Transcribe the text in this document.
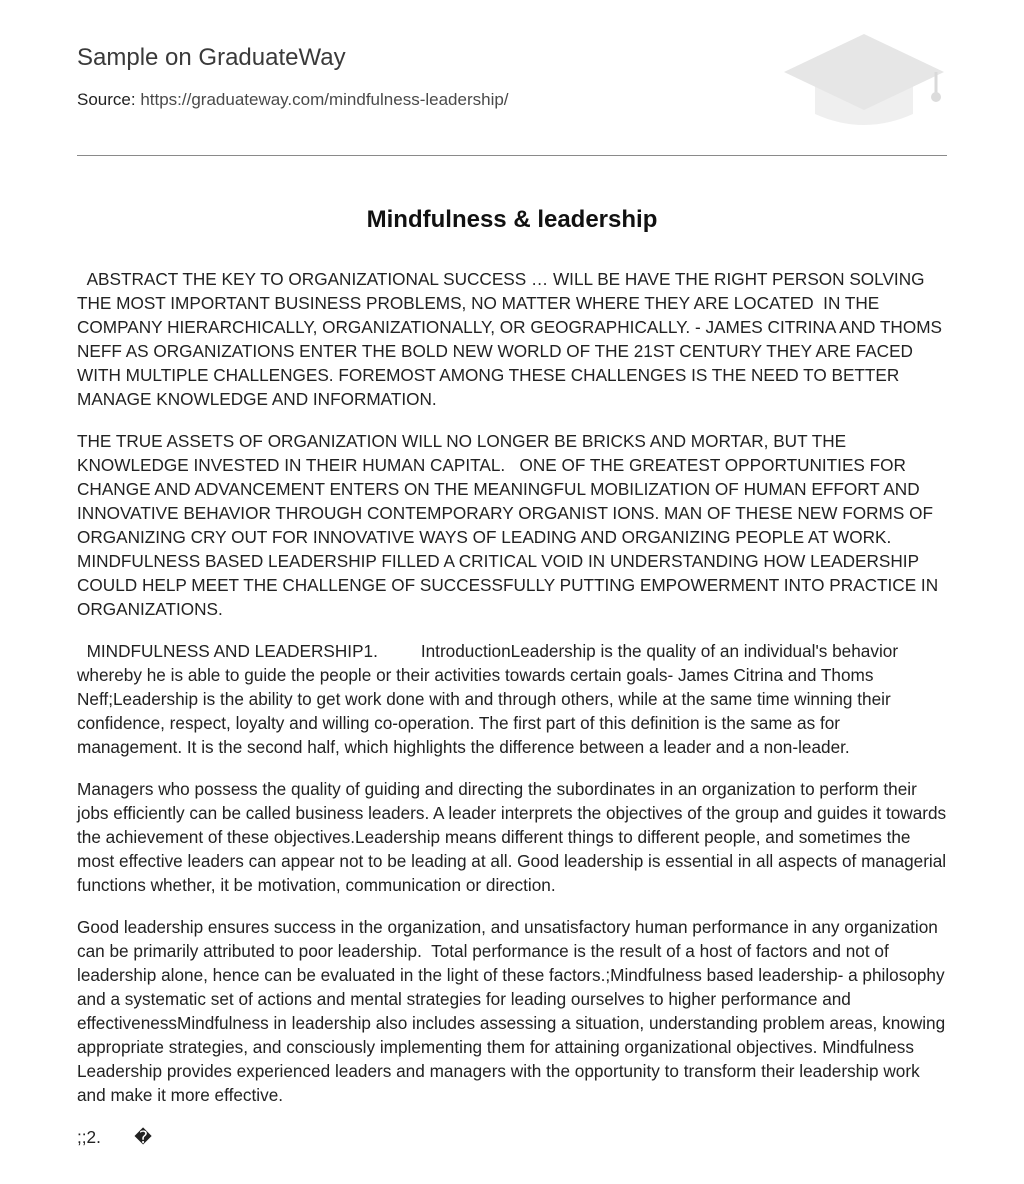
Sample on GraduateWay
Source: https://graduateway.com/mindfulness-leadership/
Mindfulness & leadership

ABSTRACT THE KEY TO ORGANIZATIONAL SUCCESS … WILL BE HAVE THE RIGHT PERSON SOLVING THE MOST IMPORTANT BUSINESS PROBLEMS, NO MATTER WHERE THEY ARE LOCATED  IN THE COMPANY HIERARCHICALLY, ORGANIZATIONALLY, OR GEOGRAPHICALLY. - JAMES CITRINA AND THOMS NEFF AS ORGANIZATIONS ENTER THE BOLD NEW WORLD OF THE 21ST CENTURY THEY ARE FACED WITH MULTIPLE CHALLENGES. FOREMOST AMONG THESE CHALLENGES IS THE NEED TO BETTER MANAGE KNOWLEDGE AND INFORMATION.

THE TRUE ASSETS OF ORGANIZATION WILL NO LONGER BE BRICKS AND MORTAR, BUT THE KNOWLEDGE INVESTED IN THEIR HUMAN CAPITAL.   ONE OF THE GREATEST OPPORTUNITIES FOR CHANGE AND ADVANCEMENT ENTERS ON THE MEANINGFUL MOBILIZATION OF HUMAN EFFORT AND INNOVATIVE BEHAVIOR THROUGH CONTEMPORARY ORGANIST IONS. MAN OF THESE NEW FORMS OF ORGANIZING CRY OUT FOR INNOVATIVE WAYS OF LEADING AND ORGANIZING PEOPLE AT WORK.   MINDFULNESS BASED LEADERSHIP FILLED A CRITICAL VOID IN UNDERSTANDING HOW LEADERSHIP COULD HELP MEET THE CHALLENGE OF SUCCESSFULLY PUTTING EMPOWERMENT INTO PRACTICE IN ORGANIZATIONS.

MINDFULNESS AND LEADERSHIP1.         IntroductionLeadership is the quality of an individual's behavior whereby he is able to guide the people or their activities towards certain goals- James Citrina and Thoms Neff;Leadership is the ability to get work done with and through others, while at the same time winning their confidence, respect, loyalty and willing co-operation. The first part of this definition is the same as for management. It is the second half, which highlights the difference between a leader and a non-leader.

Managers who possess the quality of guiding and directing the subordinates in an organization to perform their jobs efficiently can be called business leaders. A leader interprets the objectives of the group and guides it towards the achievement of these objectives.Leadership means different things to different people, and sometimes the most effective leaders can appear not to be leading at all. Good leadership is essential in all aspects of managerial functions whether, it be motivation, communication or direction.

Good leadership ensures success in the organization, and unsatisfactory human performance in any organization can be primarily attributed to poor leadership.  Total performance is the result of a host of factors and not of leadership alone, hence can be evaluated in the light of these factors.;Mindfulness based leadership- a philosophy and a systematic set of actions and mental strategies for leading ourselves to higher performance and effectivenessMindfulness in leadership also includes assessing a situation, understanding problem areas, knowing appropriate strategies, and consciously implementing them for attaining organizational objectives. Mindfulness Leadership provides experienced leaders and managers with the opportunity to transform their leadership work and make it more effective.

;;2.       �
